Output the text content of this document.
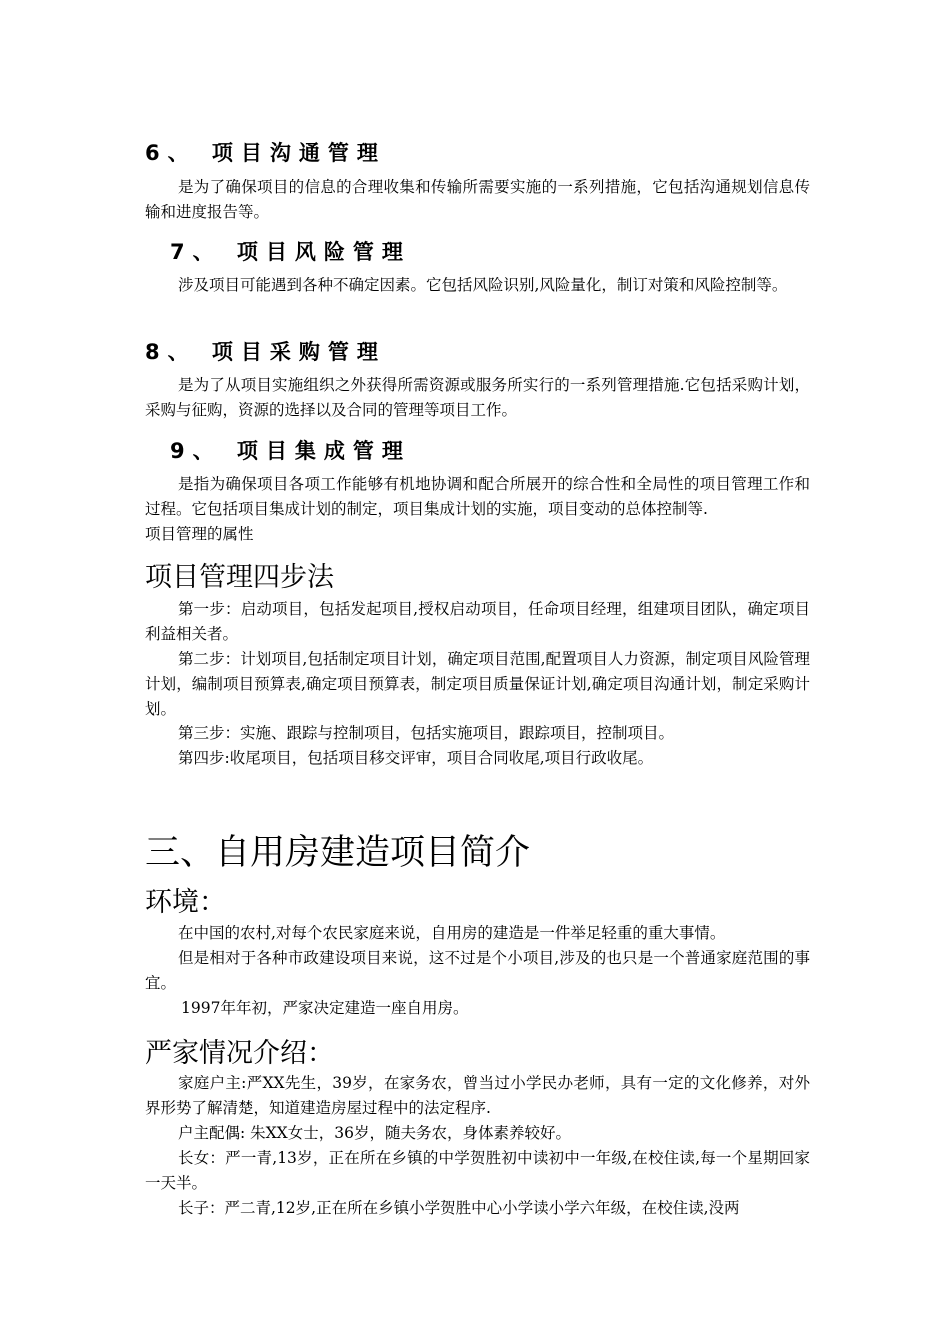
6、 项目沟通管理

是为了确保项目的信息的合理收集和传输所需要实施的一系列措施，它包括沟通规划信息传输和进度报告等。

7、 项目风险管理

涉及项目可能遇到各种不确定因素。它包括风险识别,风险量化，制订对策和风险控制等。

8、 项目采购管理

是为了从项目实施组织之外获得所需资源或服务所实行的一系列管理措施.它包括采购计划，采购与征购，资源的选择以及合同的管理等项目工作。

9、 项目集成管理

是指为确保项目各项工作能够有机地协调和配合所展开的综合性和全局性的项目管理工作和过程。它包括项目集成计划的制定，项目集成计划的实施，项目变动的总体控制等.

项目管理的属性

项目管理四步法

第一步：启动项目，包括发起项目,授权启动项目，任命项目经理，组建项目团队，确定项目利益相关者。

第二步：计划项目,包括制定项目计划，确定项目范围,配置项目人力资源，制定项目风险管理计划，编制项目预算表,确定项目预算表，制定项目质量保证计划,确定项目沟通计划，制定采购计划。

第三步：实施、跟踪与控制项目，包括实施项目，跟踪项目，控制项目。

第四步:收尾项目，包括项目移交评审，项目合同收尾,项目行政收尾。

三、自用房建造项目简介
环境：

在中国的农村,对每个农民家庭来说，自用房的建造是一件举足轻重的重大事情。

但是相对于各种市政建设项目来说，这不过是个小项目,涉及的也只是一个普通家庭范围的事宜。

1997年年初，严家决定建造一座自用房。

严家情况介绍：

家庭户主:严XX先生，39岁，在家务农，曾当过小学民办老师，具有一定的文化修养，对外界形势了解清楚，知道建造房屋过程中的法定程序.

户主配偶: 朱XX女士，36岁，随夫务农，身体素养较好。

长女：严一青,13岁，正在所在乡镇的中学贺胜初中读初中一年级,在校住读,每一个星期回家一天半。

长子：严二青,12岁,正在所在乡镇小学贺胜中心小学读小学六年级，在校住读,没两
